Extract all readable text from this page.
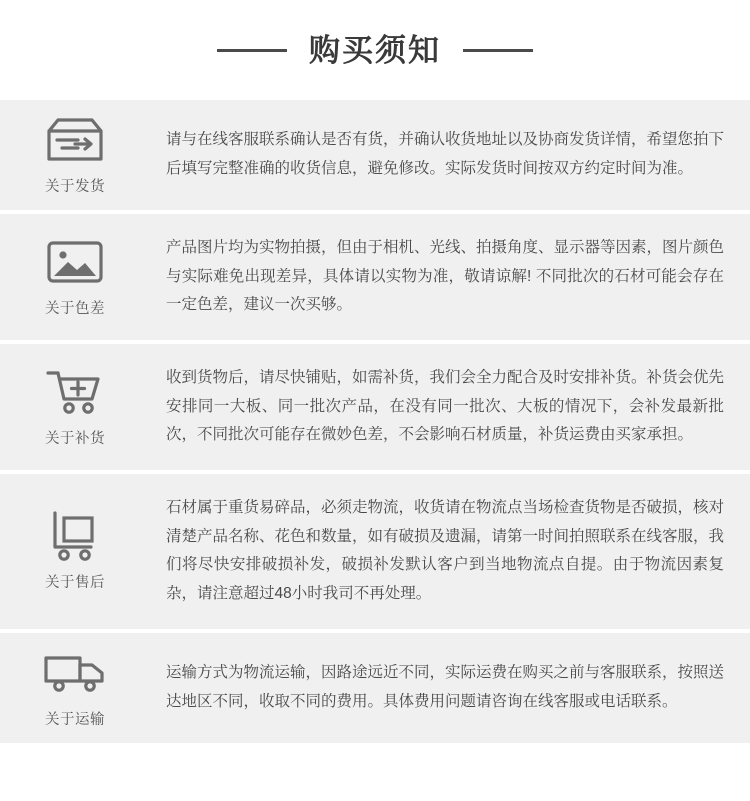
购买须知
关于发货
请与在线客服联系确认是否有货，并确认收货地址以及协商发货详情，希望您拍下后填写完整准确的收货信息，避免修改。实际发货时间按双方约定时间为准。
关于色差
产品图片均为实物拍摄，但由于相机、光线、拍摄角度、显示器等因素，图片颜色与实际难免出现差异，具体请以实物为准，敬请谅解! 不同批次的石材可能会存在一定色差，建议一次买够。
关于补货
收到货物后，请尽快铺贴，如需补货，我们会全力配合及时安排补货。补货会优先安排同一大板、同一批次产品，在没有同一批次、大板的情况下，会补发最新批次，不同批次可能存在微妙色差，不会影响石材质量，补货运费由买家承担。
关于售后
石材属于重货易碎品，必须走物流，收货请在物流点当场检查货物是否破损，核对清楚产品名称、花色和数量，如有破损及遗漏，请第一时间拍照联系在线客服，我们将尽快安排破损补发，破损补发默认客户到当地物流点自提。由于物流因素复杂，请注意超过48小时我司不再处理。
关于运输
运输方式为物流运输，因路途远近不同，实际运费在购买之前与客服联系，按照送达地区不同，收取不同的费用。具体费用问题请咨询在线客服或电话联系。
